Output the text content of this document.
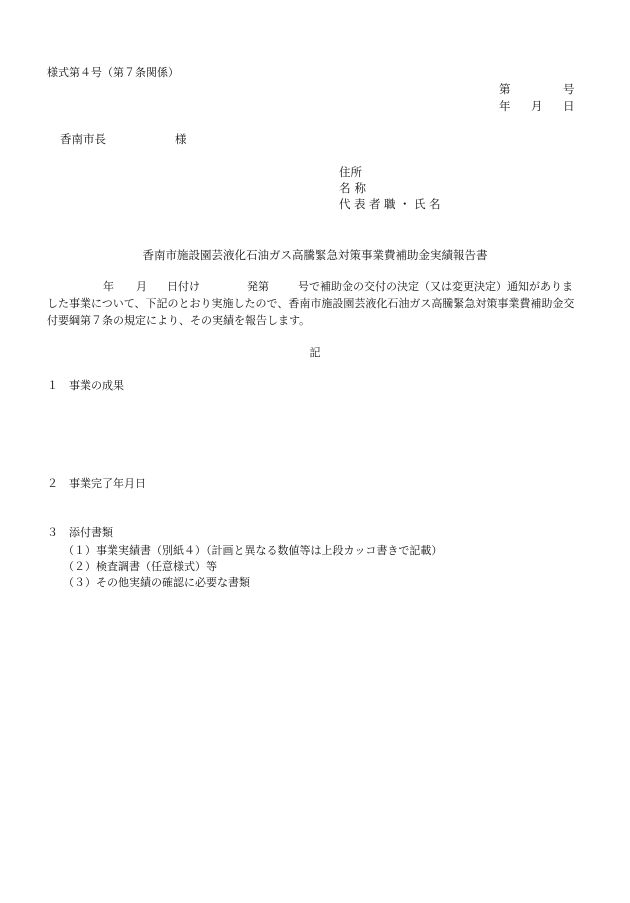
様式第４号（第７条関係）
第	号
年 月 日
香南市長	様
住所
名称
代表者職・氏名
香南市施設園芸液化石油ガス高騰緊急対策事業費補助金実績報告書
年 月 日付け	発第	号で補助金の交付の決定（又は変更決定）通知がありま
した事業について、下記のとおり実施したので、香南市施設園芸液化石油ガス高騰緊急対策事業費補助金交
付要綱第７条の規定により、その実績を報告します。
記
１　事業の成果
２　事業完了年月日
３　添付書類
（１）事業実績書（別紙４）（計画と異なる数値等は上段カッコ書きで記載）
（２）検査調書（任意様式）等
（３）その他実績の確認に必要な書類
